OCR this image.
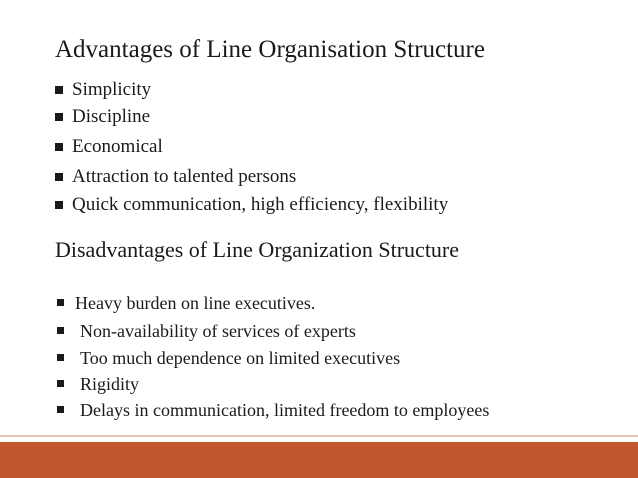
Advantages of Line Organisation Structure
Simplicity
Discipline
Economical
Attraction to talented persons
Quick communication, high efficiency, flexibility
Disadvantages of Line Organization Structure
Heavy burden on line executives.
Non-availability of services of experts
Too much dependence on limited executives
Rigidity
Delays in communication, limited freedom to employees
